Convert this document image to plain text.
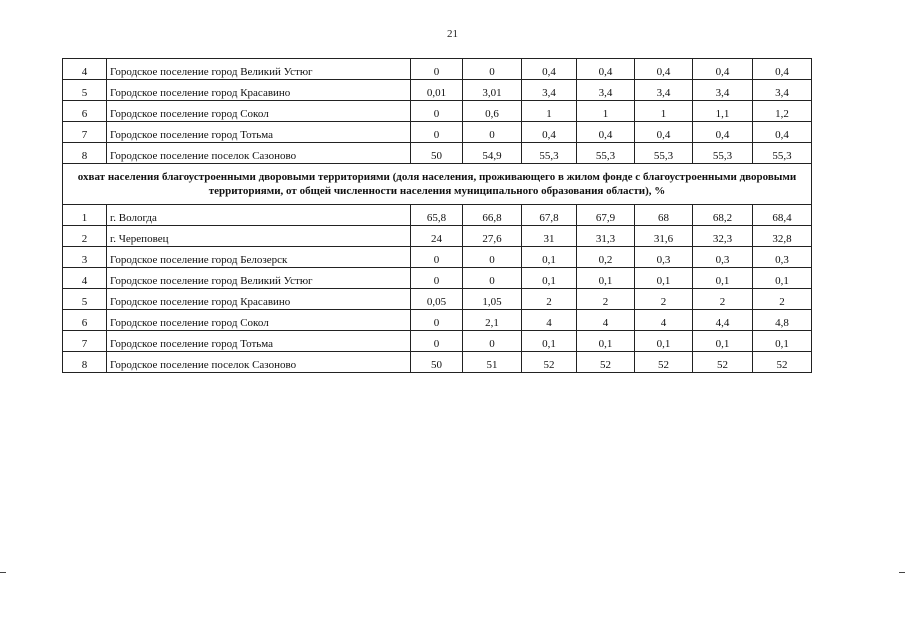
21
4	Городское поселение город Великий Устюг	0	0	0,4	0,4	0,4	0,4	0,4
5	Городское поселение город Красавино	0,01	3,01	3,4	3,4	3,4	3,4	3,4
6	Городское поселение город Сокол	0	0,6	1	1	1	1,1	1,2
7	Городское поселение город Тотьма	0	0	0,4	0,4	0,4	0,4	0,4
8	Городское поселение поселок Сазоново	50	54,9	55,3	55,3	55,3	55,3	55,3
охват населения благоустроенными дворовыми территориями (доля населения, проживающего в жилом фонде с благоустроенными дворовыми территориями, от общей численности населения муниципального образования области), %								
1	г. Вологда	65,8	66,8	67,8	67,9	68	68,2	68,4
2	г. Череповец	24	27,6	31	31,3	31,6	32,3	32,8
3	Городское поселение город Белозерск	0	0	0,1	0,2	0,3	0,3	0,3
4	Городское поселение город Великий Устюг	0	0	0,1	0,1	0,1	0,1	0,1
5	Городское поселение город Красавино	0,05	1,05	2	2	2	2	2
6	Городское поселение город Сокол	0	2,1	4	4	4	4,4	4,8
7	Городское поселение город Тотьма	0	0	0,1	0,1	0,1	0,1	0,1
8	Городское поселение поселок Сазоново	50	51	52	52	52	52	52
